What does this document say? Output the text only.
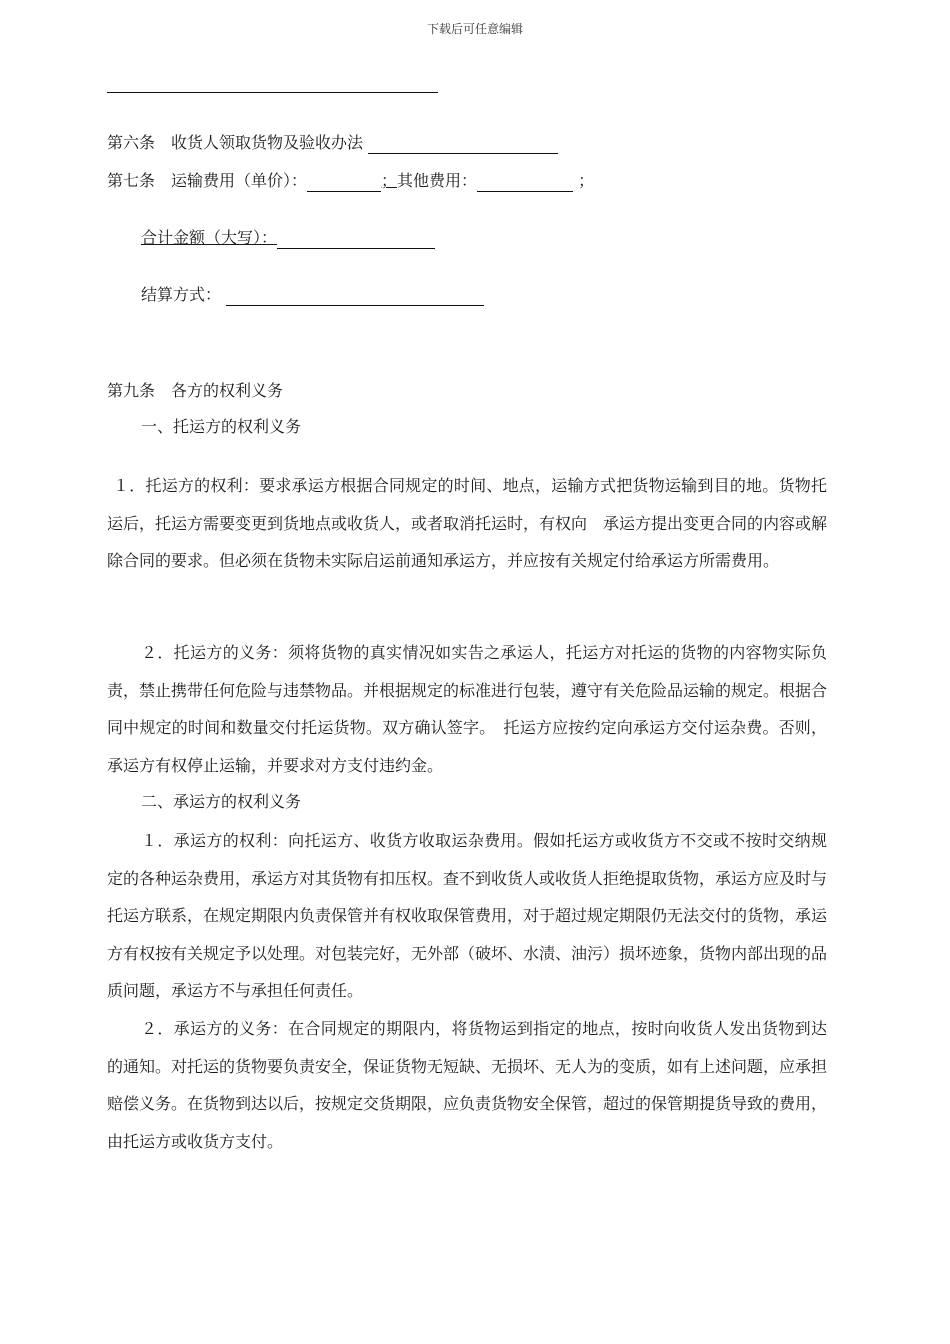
下载后可任意编辑
第六条 收货人领取货物及验收办法
第七条 运输费用（单价）：	；其他费用：	；
合计金额（大写）：
结算方式：
第九条 各方的权利义务
一、托运方的权利义务
１．托运方的权利：要求承运方根据合同规定的时间、地点，运输方式把货物运输到目的地。货物托运后，托运方需要变更到货地点或收货人，或者取消托运时，有权向　承运方提出变更合同的内容或解除合同的要求。但必须在货物未实际启运前通知承运方，并应按有关规定付给承运方所需费用。
２．托运方的义务：须将货物的真实情况如实告之承运人，托运方对托运的货物的内容物实际负责，禁止携带任何危险与违禁物品。并根据规定的标准进行包装，遵守有关危险品运输的规定。根据合同中规定的时间和数量交付托运货物。双方确认签字。　托运方应按约定向承运方交付运杂费。否则，承运方有权停止运输，并要求对方支付违约金。
二、承运方的权利义务
１．承运方的权利：向托运方、收货方收取运杂费用。假如托运方或收货方不交或不按时交纳规定的各种运杂费用，承运方对其货物有扣压权。查不到收货人或收货人拒绝提取货物，承运方应及时与托运方联系，在规定期限内负责保管并有权收取保管费用，对于超过规定期限仍无法交付的货物，承运方有权按有关规定予以处理。对包装完好，无外部（破坏、水渍、油污）损坏迹象，货物内部出现的品质问题，承运方不与承担任何责任。
２．承运方的义务：在合同规定的期限内，将货物运到指定的地点，按时向收货人发出货物到达的通知。对托运的货物要负责安全，保证货物无短缺、无损坏、无人为的变质，如有上述问题，应承担赔偿义务。在货物到达以后，按规定交货期限，应负责货物安全保管，超过的保管期提货导致的费用，由托运方或收货方支付。
